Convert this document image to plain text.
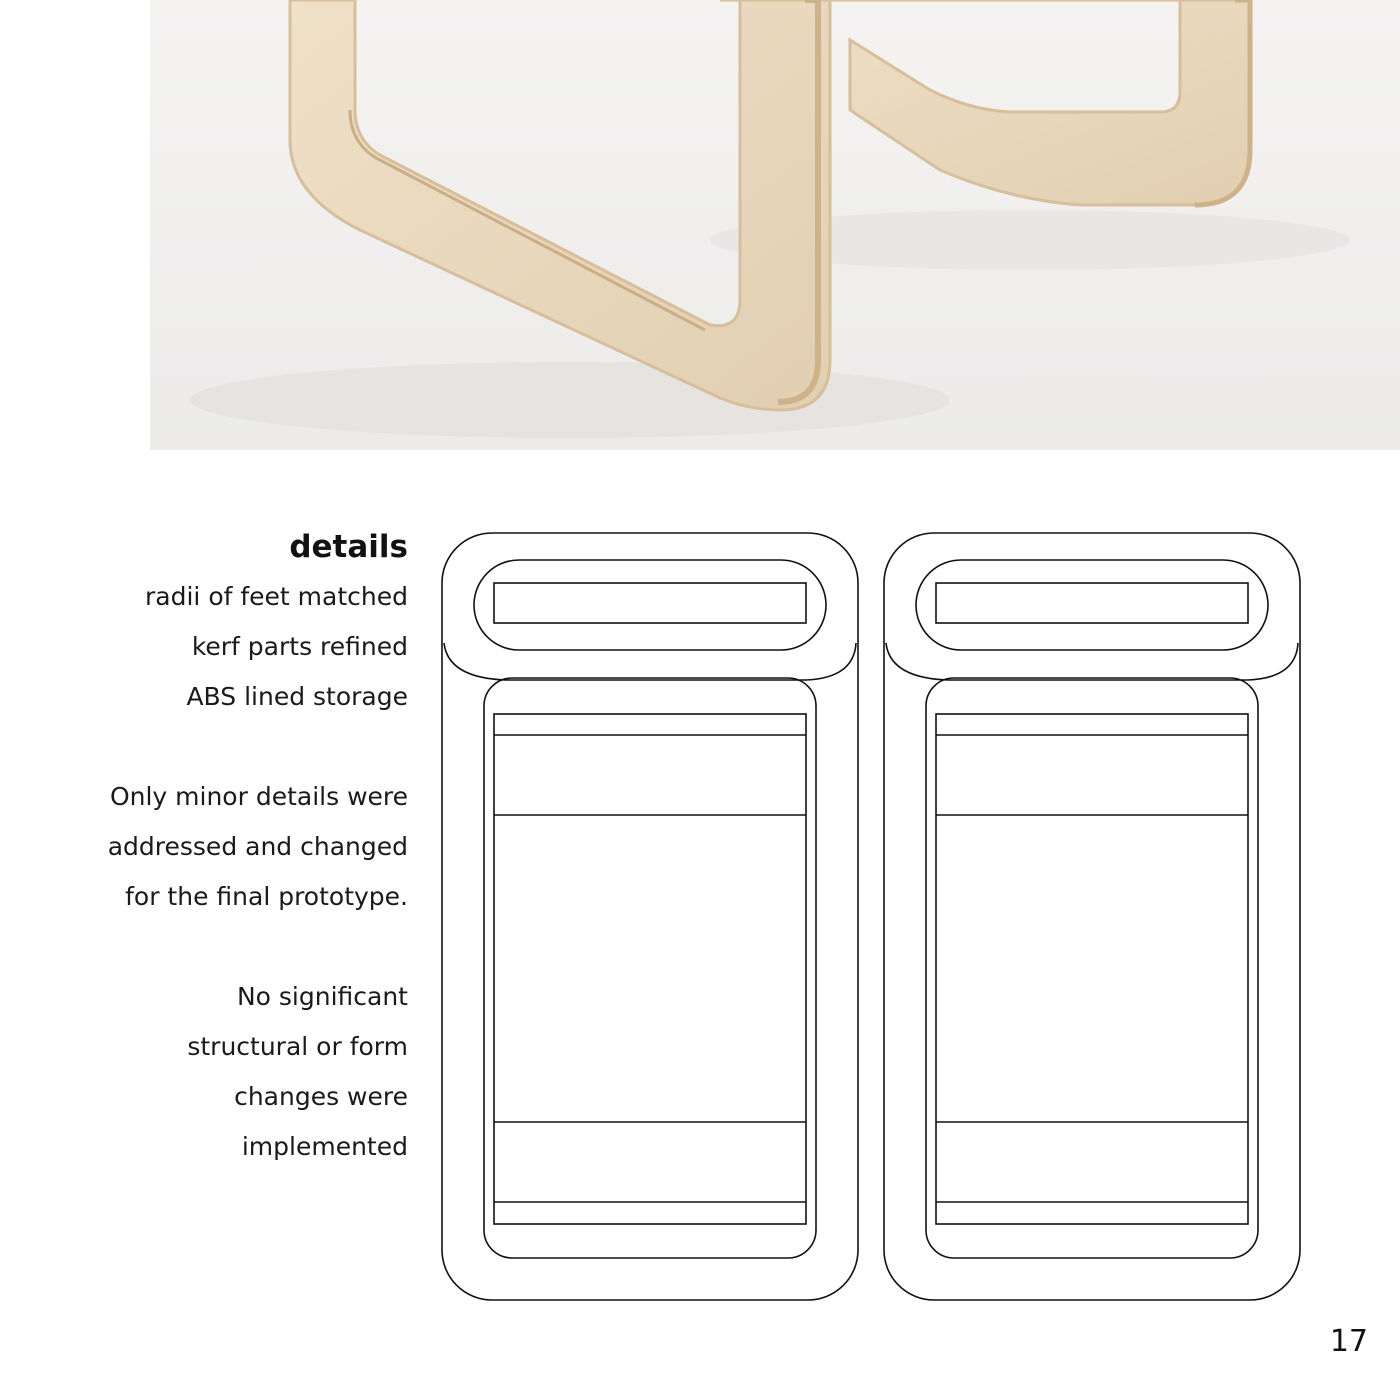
details

radii of feet matched

kerf parts refined

ABS lined storage

Only minor details were

addressed and changed

for the final prototype.

No significant

structural or form

changes were

implemented

17
